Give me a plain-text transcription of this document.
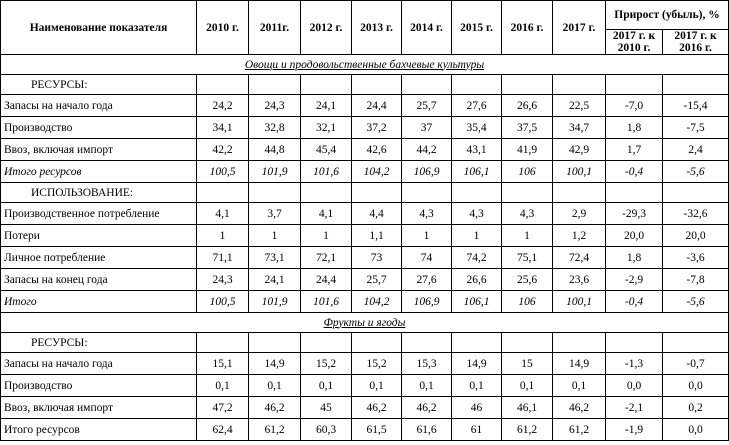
Наименование показателя	2010 г.	2011г.	2012 г.	2013 г.	2014 г.	2015 г.	2016 г.	2017 г.	Прирост (убыль), %	
									2017 г. к 2010 г.	2017 г. к 2016 г.
Овощи и продовольственные бахчевые культуры										
РЕСУРСЫ:										
Запасы на начало года	24,2	24,3	24,1	24,4	25,7	27,6	26,6	22,5	-7,0	-15,4
Производство	34,1	32,8	32,1	37,2	37	35,4	37,5	34,7	1,8	-7,5
Ввоз, включая импорт	42,2	44,8	45,4	42,6	44,2	43,1	41,9	42,9	1,7	2,4
Итого ресурсов	100,5	101,9	101,6	104,2	106,9	106,1	106	100,1	-0,4	-5,6
ИСПОЛЬЗОВАНИЕ:										
Производственное потребление	4,1	3,7	4,1	4,4	4,3	4,3	4,3	2,9	-29,3	-32,6
Потери	1	1	1	1,1	1	1	1	1,2	20,0	20,0
Личное потребление	71,1	73,1	72,1	73	74	74,2	75,1	72,4	1,8	-3,6
Запасы на конец года	24,3	24,1	24,4	25,7	27,6	26,6	25,6	23,6	-2,9	-7,8
Итого	100,5	101,9	101,6	104,2	106,9	106,1	106	100,1	-0,4	-5,6
Фрукты и ягоды										
РЕСУРСЫ:										
Запасы на начало года	15,1	14,9	15,2	15,2	15,3	14,9	15	14,9	-1,3	-0,7
Производство	0,1	0,1	0,1	0,1	0,1	0,1	0,1	0,1	0,0	0,0
Ввоз, включая импорт	47,2	46,2	45	46,2	46,2	46	46,1	46,2	-2,1	0,2
Итого ресурсов	62,4	61,2	60,3	61,5	61,6	61	61,2	61,2	-1,9	0,0
